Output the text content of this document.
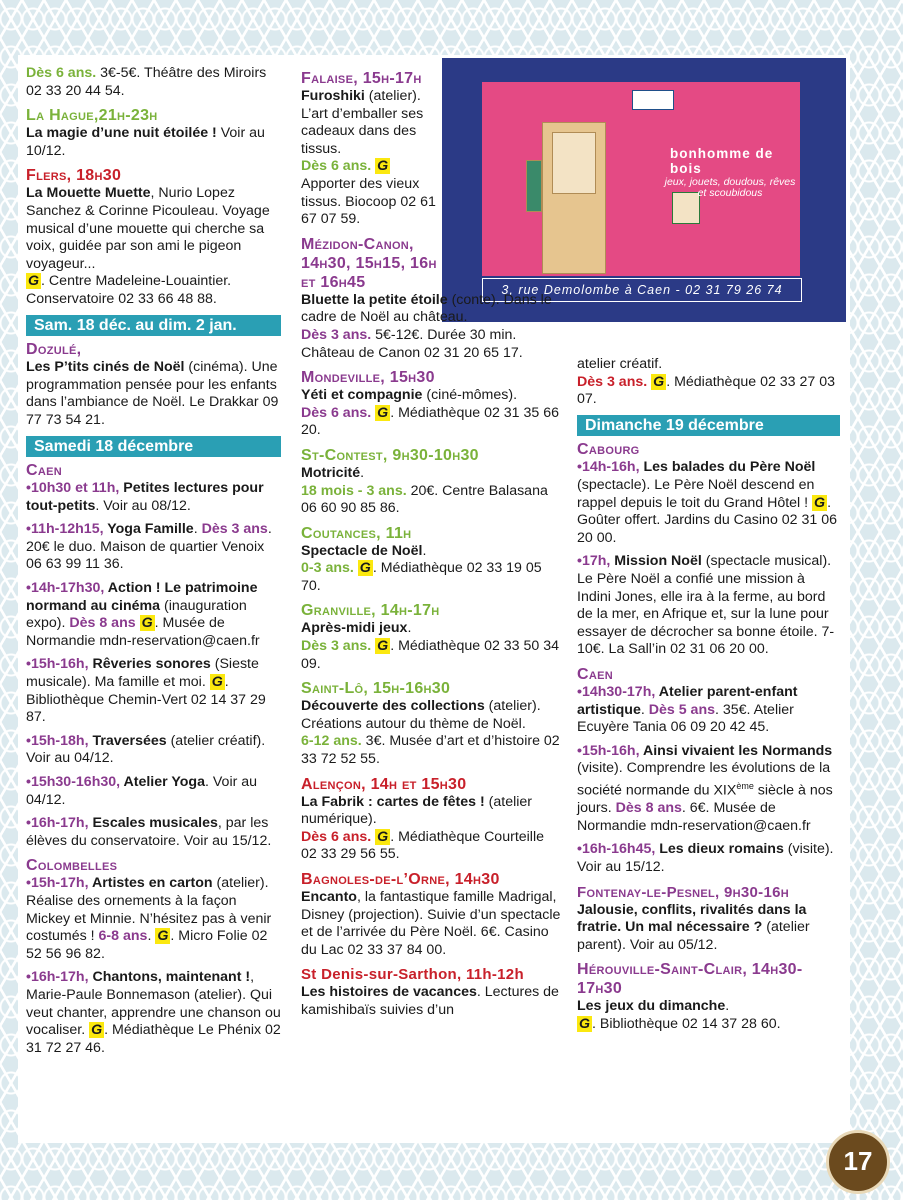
bonhomme de bois
jeux, jouets, doudous, rêves et scoubidous
3, rue Demolombe à Caen - 02 31 79 26 74
Dès 6 ans. 3€-5€. Théâtre des Miroirs 02 33 20 44 54.
La Hague,21h-23h
La magie d’une nuit étoilée ! Voir au 10/12.
Flers, 18h30
La Mouette Muette, Nurio Lopez Sanchez & Corinne Picouleau. Voyage musical d’une mouette qui cherche sa voix, guidée par son ami le pigeon voyageur...
G . Centre Madeleine-Louaintier. Conservatoire 02 33 66 48 88.
Sam. 18 déc. au dim. 2 jan.
Dozulé,
Les P’tits cinés de Noël (cinéma). Une programmation pensée pour les enfants dans l’ambiance de Noël. Le Drakkar 09 77 73 54 21.
Samedi 18 décembre
Caen
•10h30 et 11h, Petites lectures pour tout-petits. Voir au 08/12.
•11h-12h15, Yoga Famille. Dès 3 ans. 20€ le duo. Maison de quartier Venoix 06 63 99 11 36.
•14h-17h30, Action ! Le patrimoine normand au cinéma (inauguration expo). Dès 8 ans G . Musée de Normandie mdn-reservation@caen.fr
•15h-16h, Rêveries sonores (Sieste musicale). Ma famille et moi. G . Bibliothèque Chemin-Vert 02 14 37 29 87.
•15h-18h, Traversées (atelier créatif). Voir au 04/12.
•15h30-16h30, Atelier Yoga. Voir au 04/12.
•16h-17h, Escales musicales, par les élèves du conservatoire. Voir au 15/12.
Colombelles
•15h-17h, Artistes en carton (atelier). Réalise des ornements à la façon Mickey et Minnie. N’hésitez pas à venir costumés ! 6-8 ans. G . Micro Folie 02 52 56 96 82.
•16h-17h, Chantons, maintenant !, Marie-Paule Bonnemason (atelier). Qui veut chanter, apprendre une chanson ou vocaliser. G . Médiathèque Le Phénix 02 31 72 27 46.
Falaise, 15h-17h
Furoshiki (atelier). L’art d’emballer ses cadeaux dans des tissus.
Dès 6 ans. G Apporter des vieux tissus. Biocoop 02 61 67 07 59.
Mézidon-Canon, 14h30, 15h15, 16h et 16h45
Bluette la petite étoile (conte). Dans le cadre de Noël au château.
Dès 3 ans. 5€-12€. Durée 30 min. Château de Canon 02 31 20 65 17.
Mondeville, 15h30
Yéti et compagnie (ciné-mômes).
Dès 6 ans. G . Médiathèque 02 31 35 66 20.
St-Contest, 9h30-10h30
Motricité.
18 mois - 3 ans. 20€. Centre Balasana 06 60 90 85 86.
Coutances, 11h
Spectacle de Noël.
0-3 ans. G . Médiathèque 02 33 19 05 70.
Granville, 14h-17h
Après-midi jeux.
Dès 3 ans. G . Médiathèque 02 33 50 34 09.
Saint-Lô, 15h-16h30
Découverte des collections (atelier). Créations autour du thème de Noël.
6-12 ans. 3€. Musée d’art et d’histoire 02 33 72 52 55.
Alençon, 14h et 15h30
La Fabrik : cartes de fêtes ! (atelier numérique).
Dès 6 ans. G . Médiathèque Courteille 02 33 29 56 55.
Bagnoles-de-l’Orne, 14h30
Encanto, la fantastique famille Madrigal, Disney (projection). Suivie d’un spectacle et de l’arrivée du Père Noël. 6€. Casino du Lac 02 33 37 84 00.
St Denis-sur-Sarthon, 11h-12h
Les histoires de vacances. Lectures de kamishibaïs suivies d’un
atelier créatif.
Dès 3 ans. G . Médiathèque 02 33 27 03 07.
Dimanche 19 décembre
Cabourg
•14h-16h, Les balades du Père Noël (spectacle). Le Père Noël descend en rappel depuis le toit du Grand Hôtel ! G . Goûter offert. Jardins du Casino 02 31 06 20 00.
•17h, Mission Noël (spectacle musical). Le Père Noël a confié une mission à Indini Jones, elle ira à la ferme, au bord de la mer, en Afrique et, sur la lune pour essayer de décrocher sa bonne étoile. 7-10€. La Sall’in 02 31 06 20 00.
Caen
•14h30-17h, Atelier parent-enfant artistique. Dès 5 ans. 35€. Atelier Ecuyère Tania 06 09 20 42 45.
•15h-16h, Ainsi vivaient les Normands (visite). Comprendre les évolutions de la société normande du XIXème siècle à nos jours. Dès 8 ans. 6€. Musée de Normandie mdn-reservation@caen.fr
•16h-16h45, Les dieux romains (visite). Voir au 15/12.
Fontenay-le-Pesnel, 9h30-16h
Jalousie, conflits, rivalités dans la fratrie. Un mal nécessaire ? (atelier parent). Voir au 05/12.
Hérouville-Saint-Clair, 14h30-17h30
Les jeux du dimanche.
G . Bibliothèque 02 14 37 28 60.
17
